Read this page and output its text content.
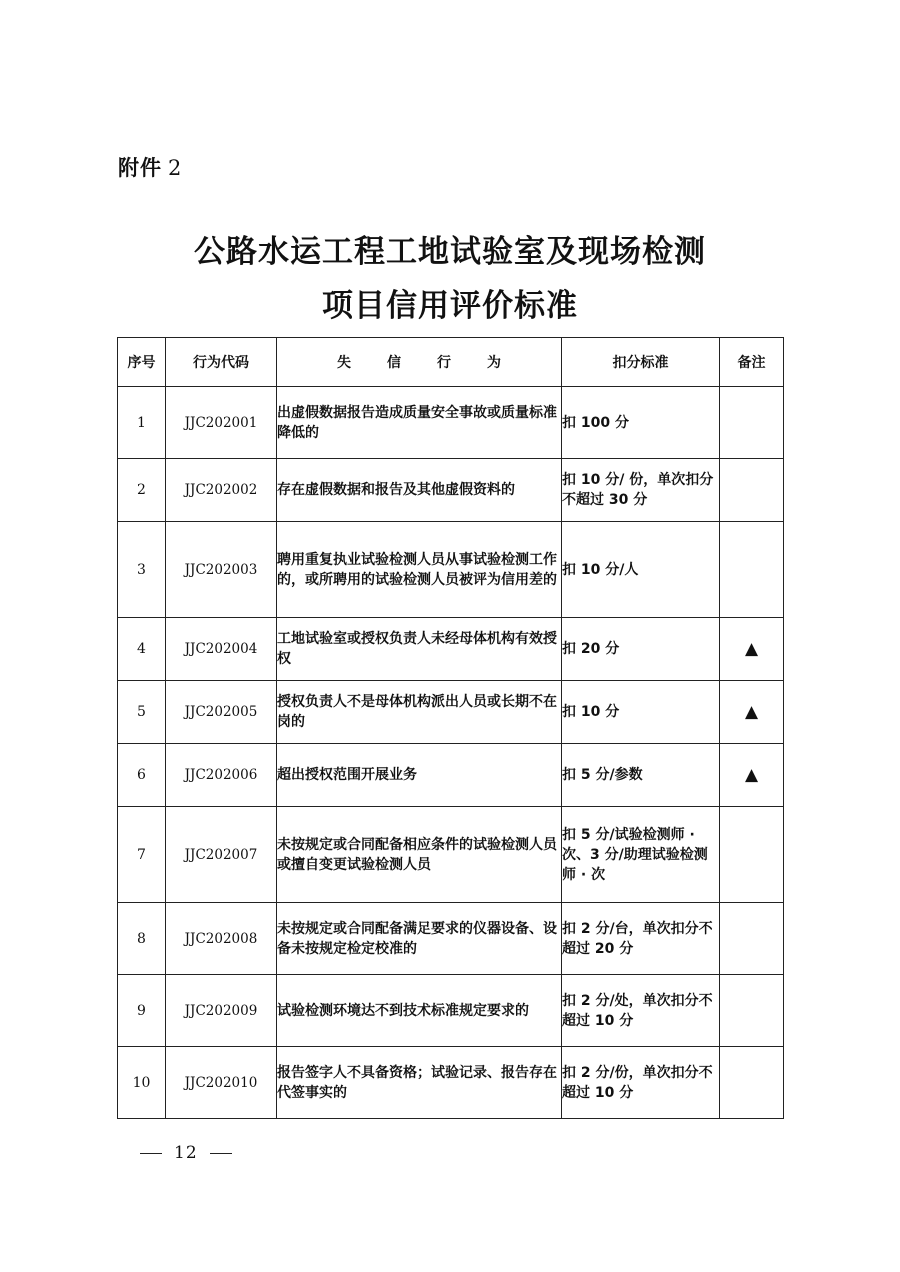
附件 2
公路水运工程工地试验室及现场检测
项目信用评价标准
序号	行为代码	失信行为	扣分标准	备注
1	JJC202001	出虚假数据报告造成质量安全事故或质量标准降低的	扣 100 分	
2	JJC202002	存在虚假数据和报告及其他虚假资料的	扣 10 分/ 份，单次扣分不超过 30 分	
3	JJC202003	聘用重复执业试验检测人员从事试验检测工作的，或所聘用的试验检测人员被评为信用差的	扣 10 分/人	
4	JJC202004	工地试验室或授权负责人未经母体机构有效授权	扣 20 分	▲
5	JJC202005	授权负责人不是母体机构派出人员或长期不在岗的	扣 10 分	▲
6	JJC202006	超出授权范围开展业务	扣 5 分/参数	▲
7	JJC202007	未按规定或合同配备相应条件的试验检测人员或擅自变更试验检测人员	扣 5 分/试验检测师 · 次、3 分/助理试验检测师 · 次	
8	JJC202008	未按规定或合同配备满足要求的仪器设备、设备未按规定检定校准的	扣 2 分/台，单次扣分不超过 20 分	
9	JJC202009	试验检测环境达不到技术标准规定要求的	扣 2 分/处，单次扣分不超过 10 分	
10	JJC202010	报告签字人不具备资格；试验记录、报告存在代签事实的	扣 2 分/份，单次扣分不超过 10 分	
12
